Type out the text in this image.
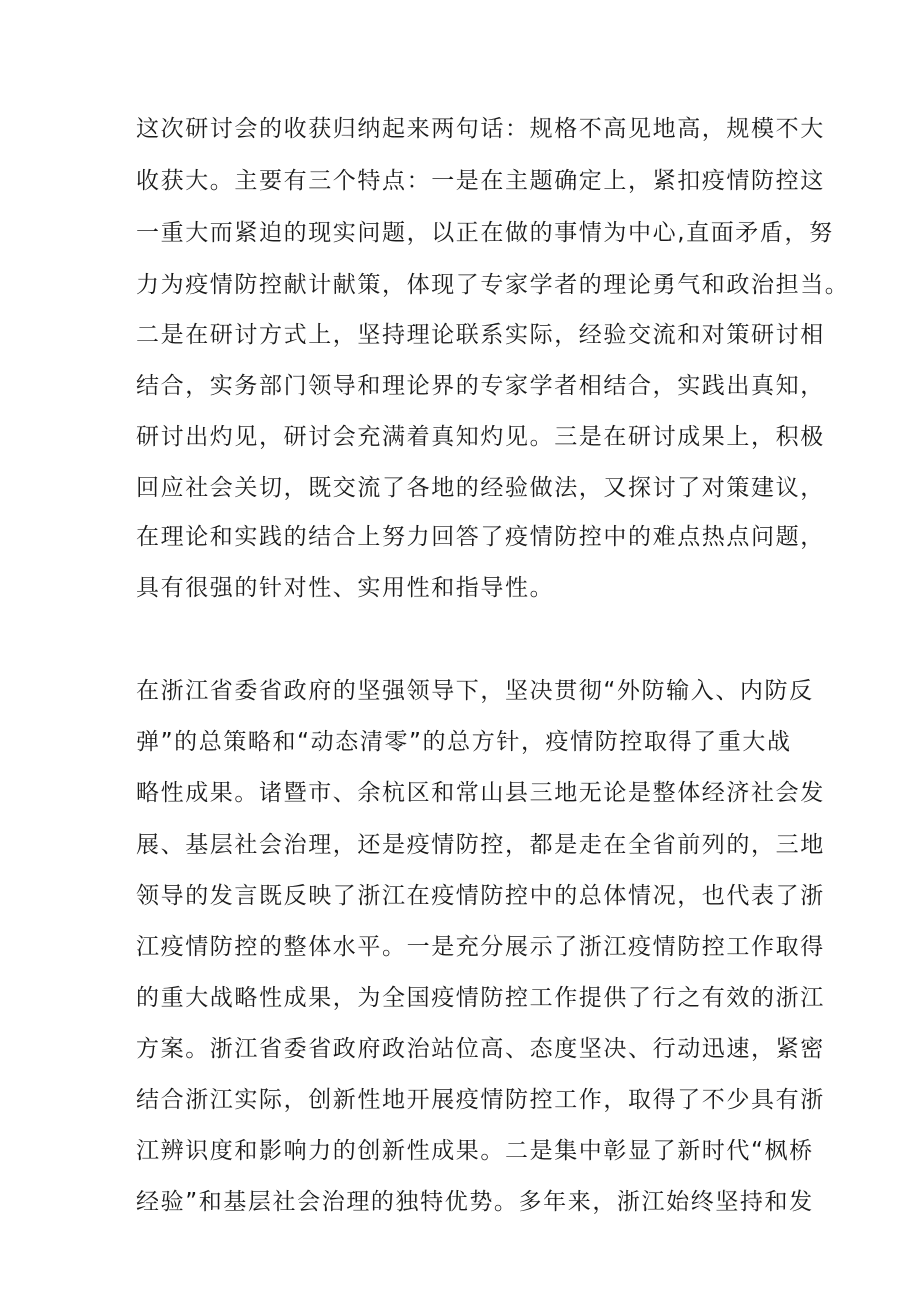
这次研讨会的收获归纳起来两句话：规格不高见地高，规模不大

收获大。主要有三个特点：一是在主题确定上，紧扣疫情防控这

一重大而紧迫的现实问题，以正在做的事情为中心,直面矛盾，努

力为疫情防控献计献策，体现了专家学者的理论勇气和政治担当。

二是在研讨方式上，坚持理论联系实际，经验交流和对策研讨相

结合，实务部门领导和理论界的专家学者相结合，实践出真知，

研讨出灼见，研讨会充满着真知灼见。三是在研讨成果上，积极

回应社会关切，既交流了各地的经验做法，又探讨了对策建议，

在理论和实践的结合上努力回答了疫情防控中的难点热点问题，

具有很强的针对性、实用性和指导性。

在浙江省委省政府的坚强领导下，坚决贯彻“外防输入、内防反

弹”的总策略和“动态清零”的总方针，疫情防控取得了重大战

略性成果。诸暨市、余杭区和常山县三地无论是整体经济社会发

展、基层社会治理，还是疫情防控，都是走在全省前列的，三地

领导的发言既反映了浙江在疫情防控中的总体情况，也代表了浙

江疫情防控的整体水平。一是充分展示了浙江疫情防控工作取得

的重大战略性成果，为全国疫情防控工作提供了行之有效的浙江

方案。浙江省委省政府政治站位高、态度坚决、行动迅速，紧密

结合浙江实际，创新性地开展疫情防控工作，取得了不少具有浙

江辨识度和影响力的创新性成果。二是集中彰显了新时代“枫桥

经验”和基层社会治理的独特优势。多年来，浙江始终坚持和发
